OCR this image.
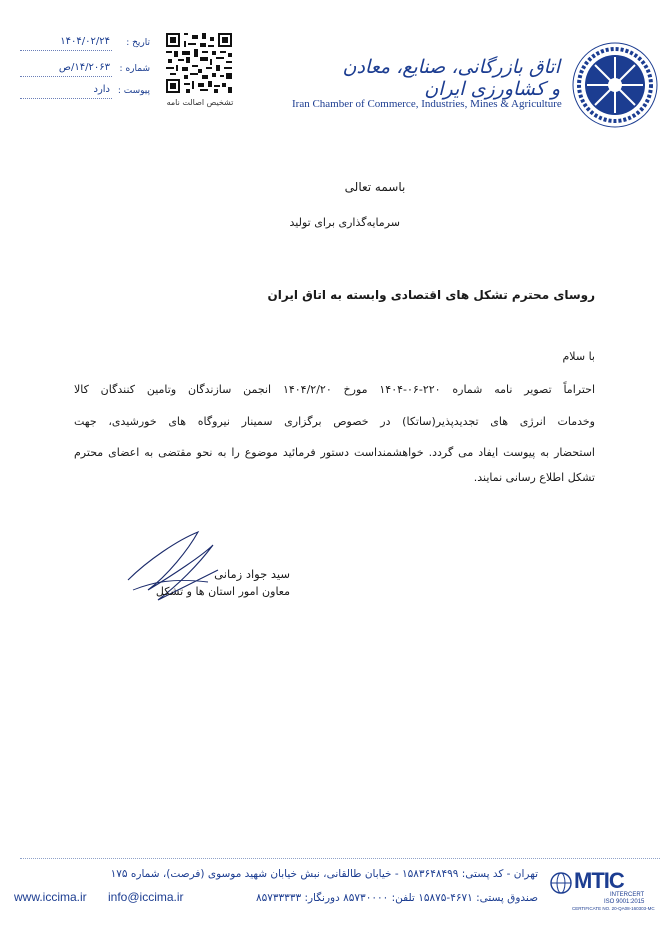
۱۴۰۴/۰۲/۲۴ تاریخ :
۱۴/۲۰۶۳/ص شماره :
دارد پیوست :
تشخیص اصالت نامه
اتاق بازرگانی، صنایع، معادن و کشاورزی ایران
Iran Chamber of Commerce, Industries, Mines & Agriculture
باسمه تعالی
سرمایه‌گذاری برای تولید
روسای محترم تشکل های اقتصادی وابسته به اتاق ایران
با سلام
احتراماً تصویر نامه شماره ۲۲۰-۰۶-۱۴۰۴ مورخ ۱۴۰۴/۲/۲۰ انجمن سازندگان وتامین کنندگان کالا
وخدمات انرژی های تجدیدپذیر(ساتکا) در خصوص برگزاری سمینار نیروگاه های خورشیدی، جهت
استحضار به پیوست ایفاد می گردد. خواهشمنداست دستور فرمائید موضوع را به نحو مقتضی به اعضای محترم
تشکل اطلاع رسانی نمایند.
سید جواد زمانی
معاون امور استان ها و تشکل
تهران - کد پستی: ۱۵۸۳۶۴۸۴۹۹ - خیابان طالقانی، نبش خیابان شهید موسوی (فرصت)، شماره ۱۷۵
صندوق پستی: ۴۶۷۱-۱۵۸۷۵ تلفن: ۸۵۷۳۰۰۰۰ دورنگار: ۸۵۷۳۳۳۳۳
info@iccima.ir
www.iccima.ir
MTIC
INTERCERT
ISO 9001:2015
CERTIFICATE NO. 20-QA08-160303-MC
